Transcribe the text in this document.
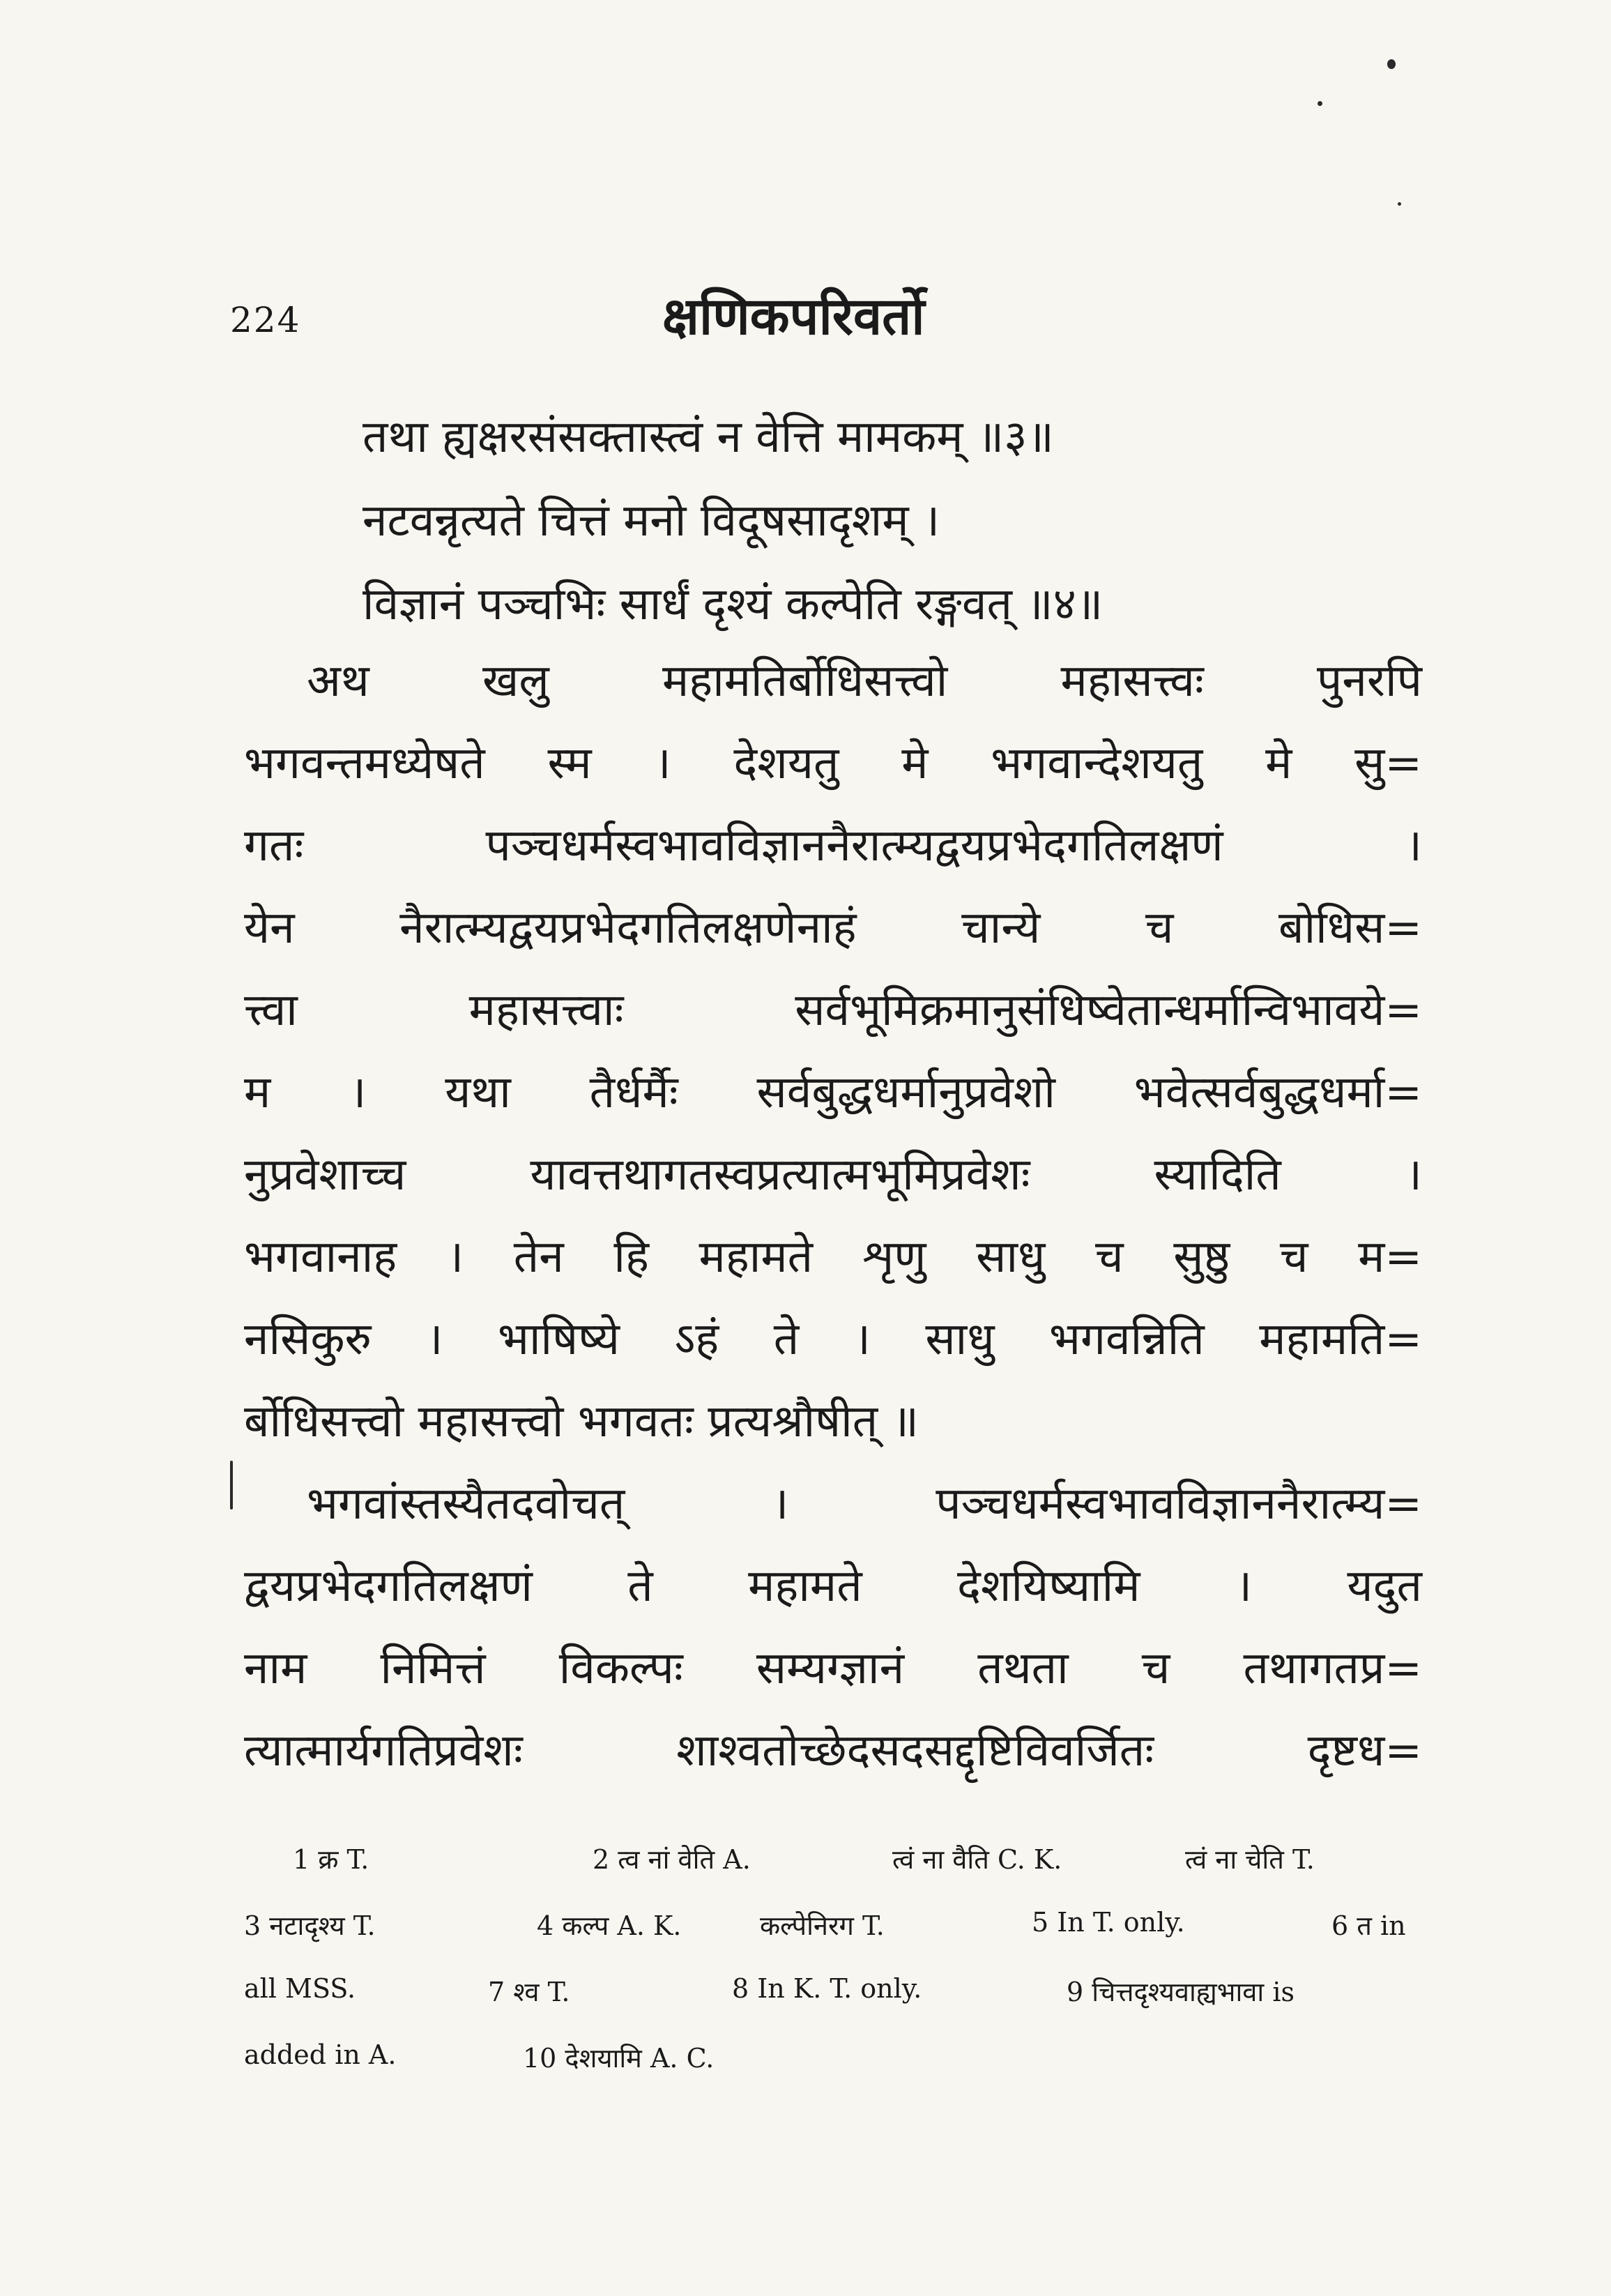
224	क्षणिकपरिवर्तो
तथा ह्यक्षरसंसक्तास्त्वं न वेत्ति मामकम् ॥३॥
नटवन्नृत्यते चित्तं मनो विदूषसादृशम् ।
विज्ञानं पञ्चभिः सार्धं दृश्यं कल्पेति रङ्गवत् ॥४॥
अथ खलु महामतिर्बोधिसत्त्वो महासत्त्वः पुनरपि
भगवन्तमध्येषते स्म । देशयतु मे भगवान्देशयतु मे सु=
गतः पञ्चधर्मस्वभावविज्ञाननैरात्म्यद्वयप्रभेदगतिलक्षणं ।
येन नैरात्म्यद्वयप्रभेदगतिलक्षणेनाहं चान्ये च बोधिस=
त्त्वा महासत्त्वाः सर्वभूमिक्रमानुसंधिष्वेतान्धर्मान्विभावये=
म । यथा तैर्धर्मैः सर्वबुद्धधर्मानुप्रवेशो भवेत्सर्वबुद्धधर्मा=
नुप्रवेशाच्च यावत्तथागतस्वप्रत्यात्मभूमिप्रवेशः स्यादिति ।
भगवानाह । तेन हि महामते शृणु साधु च सुष्ठु च म=
नसिकुरु । भाषिष्ये ऽहं ते । साधु भगवन्निति महामति=
र्बोधिसत्त्वो महासत्त्वो भगवतः प्रत्यश्रौषीत् ॥
भगवांस्तस्यैतदवोचत् । पञ्चधर्मस्वभावविज्ञाननैरात्म्य=
द्वयप्रभेदगतिलक्षणं ते महामते देशयिष्यामि । यदुत
नाम निमित्तं विकल्पः सम्यग्ज्ञानं तथता च तथागतप्र=
त्यात्मार्यगतिप्रवेशः शाश्वतोच्छेदसदसद्दृष्टिविवर्जितः दृष्टध=
1 क्र T.	2 त्व नां वेति A.	त्वं ना वैति C. K.	त्वं ना चेति T.
3 नटादृश्य T.	4 कल्प A. K.	कल्पेनिरग T.	5 In T. only.	6 त in
all MSS.	7 श्व T.	8 In K. T. only.	9 चित्तदृश्यवाह्यभावा is
added in A.	10 देशयामि A. C.
